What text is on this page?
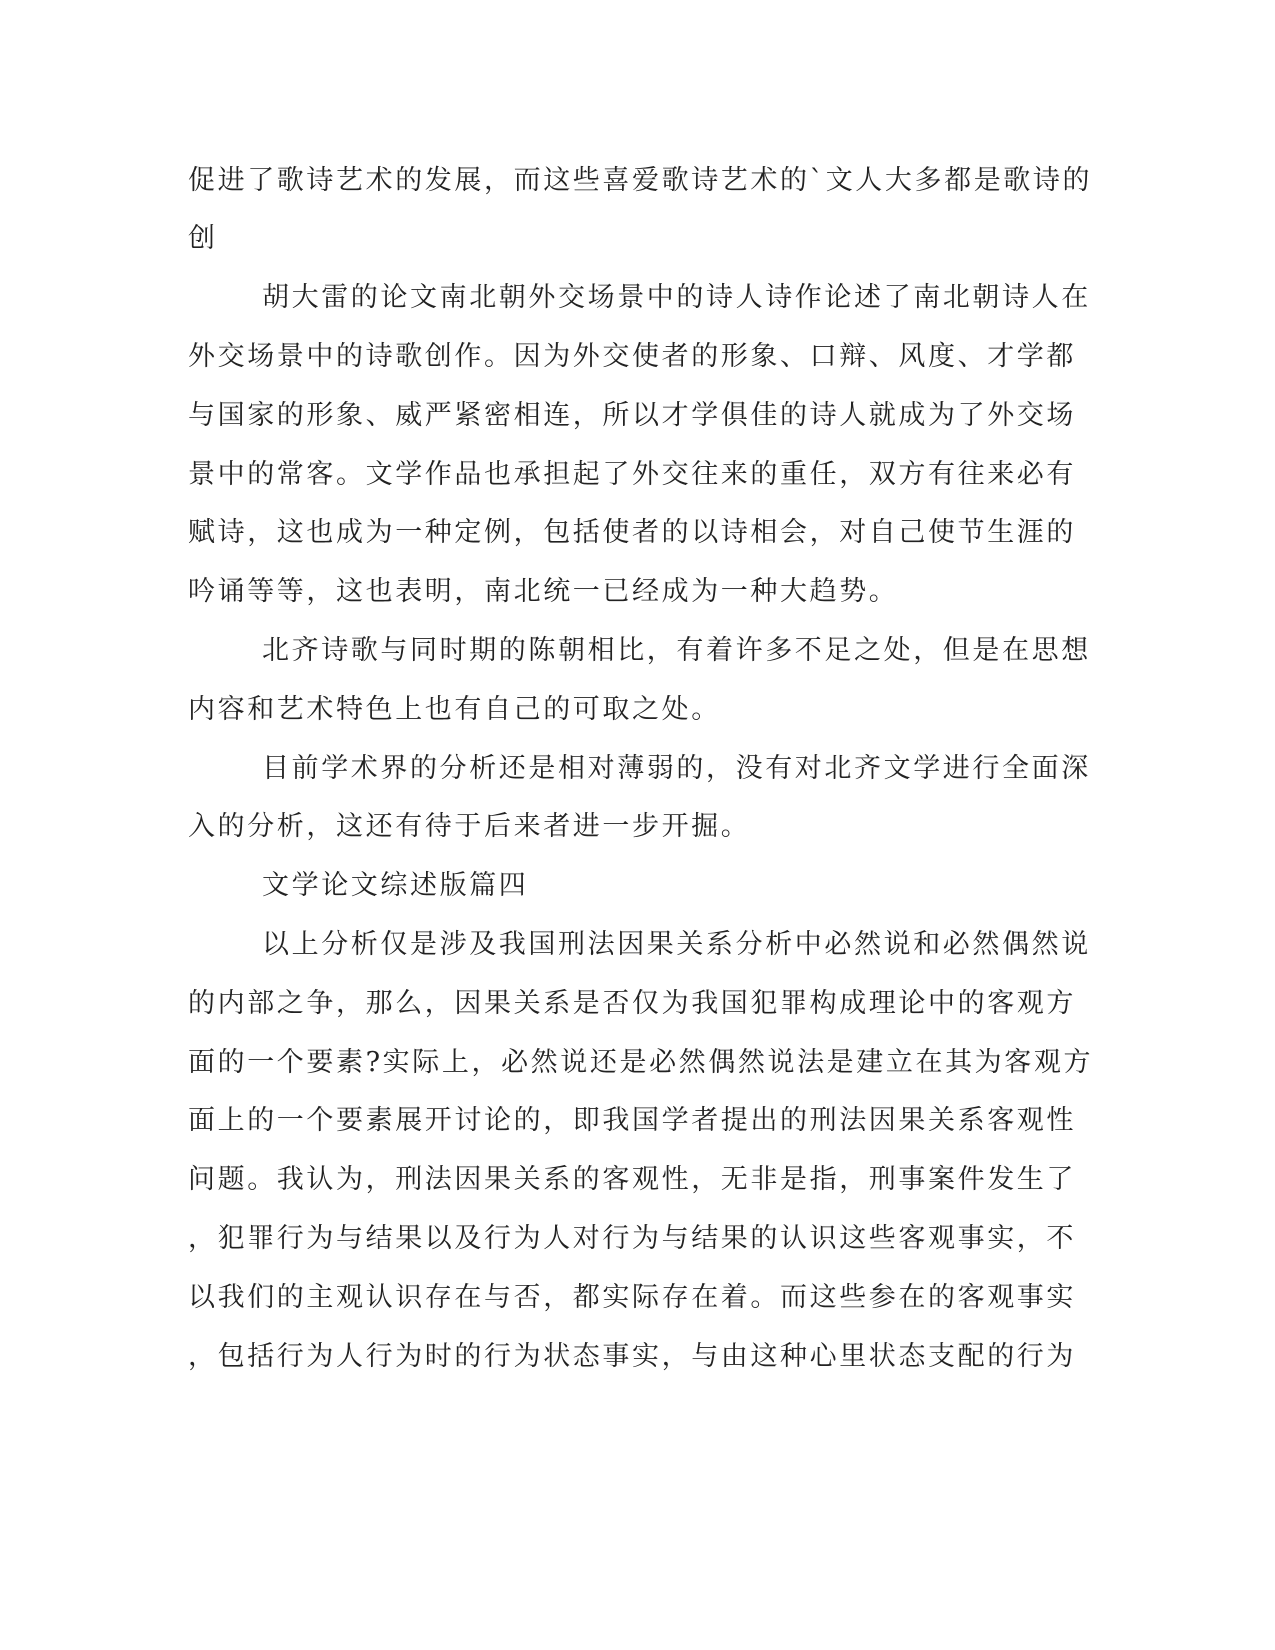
促进了歌诗艺术的发展，而这些喜爱歌诗艺术的`文人大多都是歌诗的

创

胡大雷的论文南北朝外交场景中的诗人诗作论述了南北朝诗人在

外交场景中的诗歌创作。因为外交使者的形象、口辩、风度、才学都

与国家的形象、威严紧密相连，所以才学俱佳的诗人就成为了外交场

景中的常客。文学作品也承担起了外交往来的重任，双方有往来必有

赋诗，这也成为一种定例，包括使者的以诗相会，对自己使节生涯的

吟诵等等，这也表明，南北统一已经成为一种大趋势。

北齐诗歌与同时期的陈朝相比，有着许多不足之处，但是在思想

内容和艺术特色上也有自己的可取之处。

目前学术界的分析还是相对薄弱的，没有对北齐文学进行全面深

入的分析，这还有待于后来者进一步开掘。

文学论文综述版篇四

以上分析仅是涉及我国刑法因果关系分析中必然说和必然偶然说

的内部之争，那么，因果关系是否仅为我国犯罪构成理论中的客观方

面的一个要素?实际上，必然说还是必然偶然说法是建立在其为客观方

面上的一个要素展开讨论的，即我国学者提出的刑法因果关系客观性

问题。我认为，刑法因果关系的客观性，无非是指，刑事案件发生了

，犯罪行为与结果以及行为人对行为与结果的认识这些客观事实，不

以我们的主观认识存在与否，都实际存在着。而这些参在的客观事实

，包括行为人行为时的行为状态事实，与由这种心里状态支配的行为
